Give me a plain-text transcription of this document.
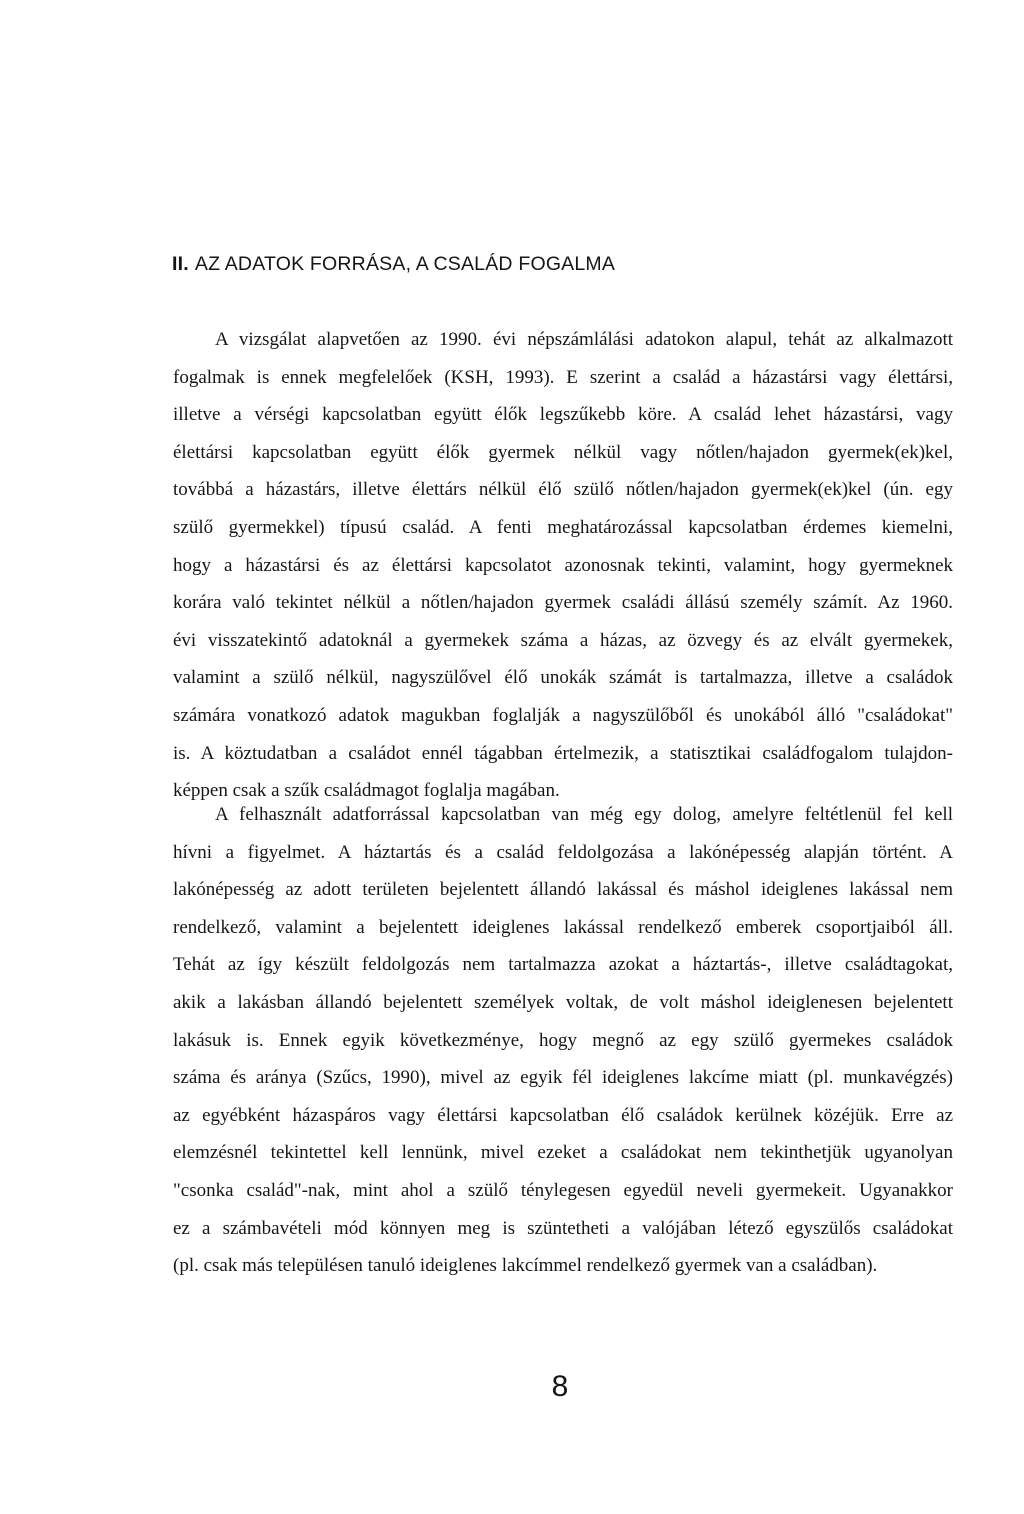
II. AZ ADATOK FORRÁSA, A CSALÁD FOGALMA
A vizsgálat alapvetően az 1990. évi népszámlálási adatokon alapul, tehát az alkalmazott
fogalmak is ennek megfelelőek (KSH, 1993). E szerint a család a házastársi vagy élettársi,
illetve a vérségi kapcsolatban együtt élők legszűkebb köre. A család lehet házastársi, vagy
élettársi kapcsolatban együtt élők gyermek nélkül vagy nőtlen/hajadon gyermek(ek)kel,
továbbá a házastárs, illetve élettárs nélkül élő szülő nőtlen/hajadon gyermek(ek)kel (ún. egy
szülő gyermekkel) típusú család. A fenti meghatározással kapcsolatban érdemes kiemelni,
hogy a házastársi és az élettársi kapcsolatot azonosnak tekinti, valamint, hogy gyermeknek
korára való tekintet nélkül a nőtlen/hajadon gyermek családi állású személy számít. Az 1960.
évi visszatekintő adatoknál a gyermekek száma a házas, az özvegy és az elvált gyermekek,
valamint a szülő nélkül, nagyszülővel élő unokák számát is tartalmazza, illetve a családok
számára vonatkozó adatok magukban foglalják a nagyszülőből és unokából álló "családokat"
is. A köztudatban a családot ennél tágabban értelmezik, a statisztikai családfogalom tulajdon-
képpen csak a szűk családmagot foglalja magában.
A felhasznált adatforrással kapcsolatban van még egy dolog, amelyre feltétlenül fel kell
hívni a figyelmet. A háztartás és a család feldolgozása a lakónépesség alapján történt. A
lakónépesség az adott területen bejelentett állandó lakással és máshol ideiglenes lakással nem
rendelkező, valamint a bejelentett ideiglenes lakással rendelkező emberek csoportjaiból áll.
Tehát az így készült feldolgozás nem tartalmazza azokat a háztartás-, illetve családtagokat,
akik a lakásban állandó bejelentett személyek voltak, de volt máshol ideiglenesen bejelentett
lakásuk is. Ennek egyik következménye, hogy megnő az egy szülő gyermekes családok
száma és aránya (Szűcs, 1990), mivel az egyik fél ideiglenes lakcíme miatt (pl. munkavégzés)
az egyébként házaspáros vagy élettársi kapcsolatban élő családok kerülnek közéjük. Erre az
elemzésnél tekintettel kell lennünk, mivel ezeket a családokat nem tekinthetjük ugyanolyan
"csonka család"-nak, mint ahol a szülő ténylegesen egyedül neveli gyermekeit. Ugyanakkor
ez a számbavételi mód könnyen meg is szüntetheti a valójában létező egyszülős családokat
(pl. csak más településen tanuló ideiglenes lakcímmel rendelkező gyermek van a családban).
8
